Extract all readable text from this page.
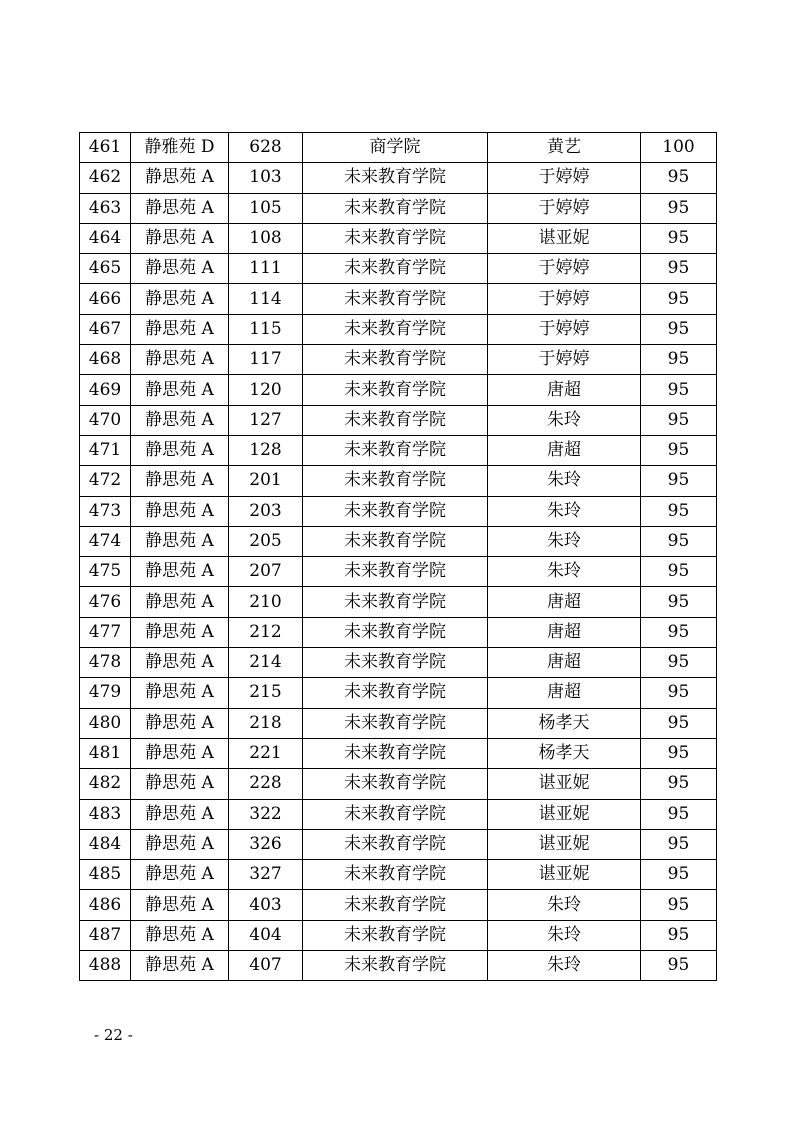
461	静雅苑 D	628	商学院	黄艺	100
462	静思苑 A	103	未来教育学院	于婷婷	95
463	静思苑 A	105	未来教育学院	于婷婷	95
464	静思苑 A	108	未来教育学院	谌亚妮	95
465	静思苑 A	111	未来教育学院	于婷婷	95
466	静思苑 A	114	未来教育学院	于婷婷	95
467	静思苑 A	115	未来教育学院	于婷婷	95
468	静思苑 A	117	未来教育学院	于婷婷	95
469	静思苑 A	120	未来教育学院	唐超	95
470	静思苑 A	127	未来教育学院	朱玲	95
471	静思苑 A	128	未来教育学院	唐超	95
472	静思苑 A	201	未来教育学院	朱玲	95
473	静思苑 A	203	未来教育学院	朱玲	95
474	静思苑 A	205	未来教育学院	朱玲	95
475	静思苑 A	207	未来教育学院	朱玲	95
476	静思苑 A	210	未来教育学院	唐超	95
477	静思苑 A	212	未来教育学院	唐超	95
478	静思苑 A	214	未来教育学院	唐超	95
479	静思苑 A	215	未来教育学院	唐超	95
480	静思苑 A	218	未来教育学院	杨孝天	95
481	静思苑 A	221	未来教育学院	杨孝天	95
482	静思苑 A	228	未来教育学院	谌亚妮	95
483	静思苑 A	322	未来教育学院	谌亚妮	95
484	静思苑 A	326	未来教育学院	谌亚妮	95
485	静思苑 A	327	未来教育学院	谌亚妮	95
486	静思苑 A	403	未来教育学院	朱玲	95
487	静思苑 A	404	未来教育学院	朱玲	95
488	静思苑 A	407	未来教育学院	朱玲	95
- 22 -
